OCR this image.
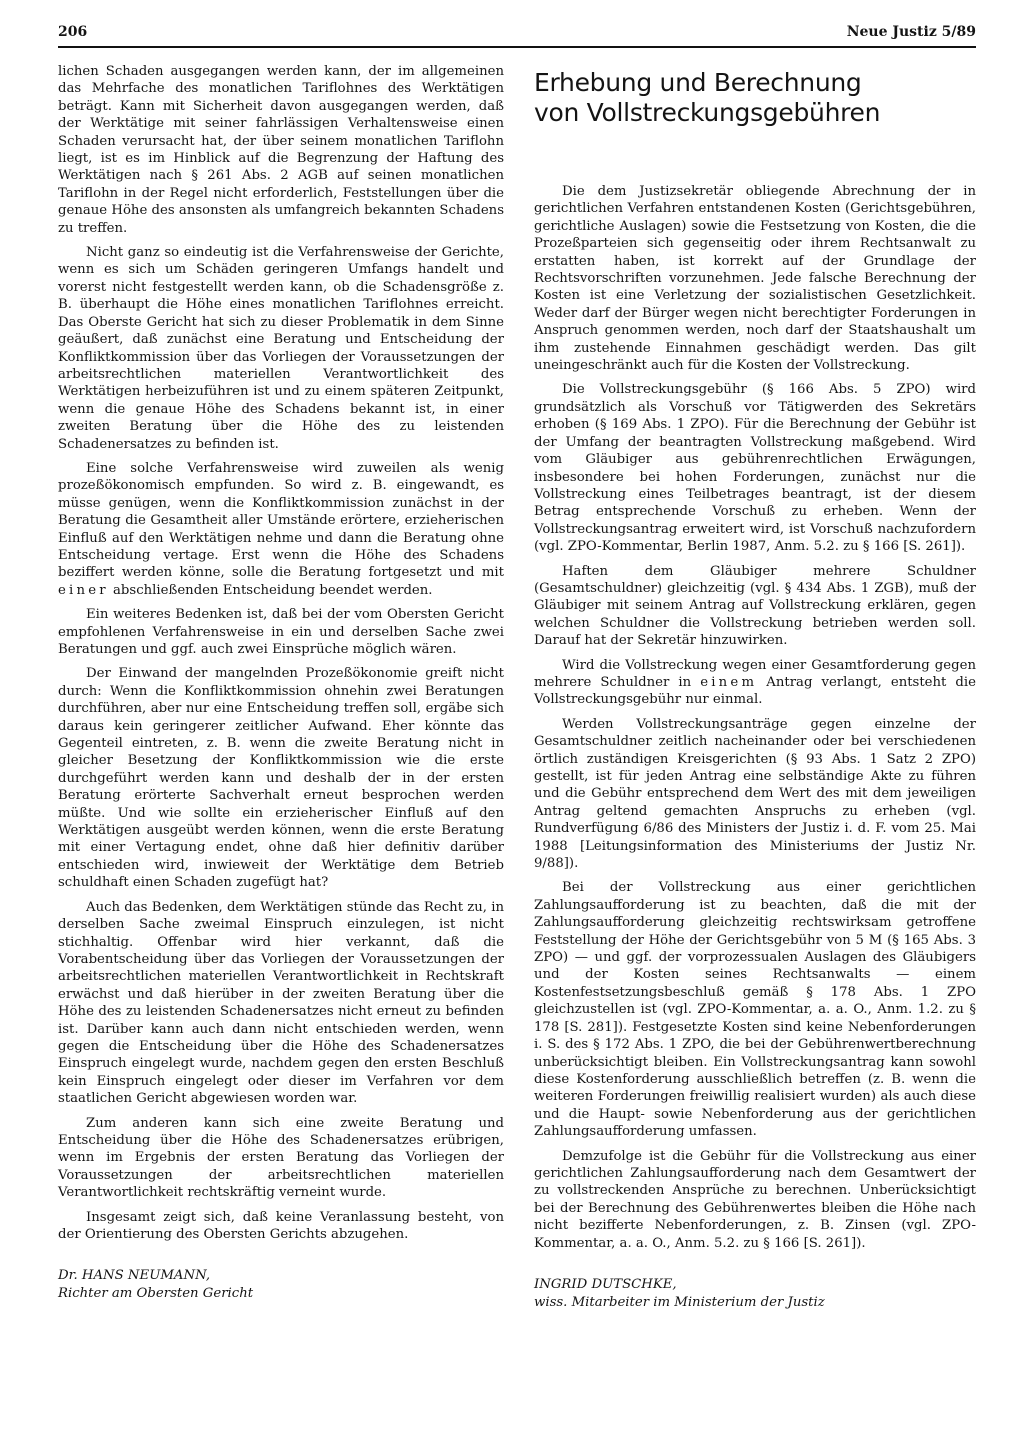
206	Neue Justiz 5/89

lichen Schaden ausgegangen werden kann, der im allgemeinen das Mehrfache des monatlichen Tariflohnes des Werktätigen beträgt. Kann mit Sicherheit davon ausgegangen werden, daß der Werktätige mit seiner fahrlässigen Verhaltensweise einen Schaden verursacht hat, der über seinem monatlichen Tariflohn liegt, ist es im Hinblick auf die Begrenzung der Haftung des Werktätigen nach § 261 Abs. 2 AGB auf seinen monatlichen Tariflohn in der Regel nicht erforderlich, Feststellungen über die genaue Höhe des ansonsten als umfangreich bekannten Schadens zu treffen.

Nicht ganz so eindeutig ist die Verfahrensweise der Gerichte, wenn es sich um Schäden geringeren Umfangs handelt und vorerst nicht festgestellt werden kann, ob die Schadensgröße z. B. überhaupt die Höhe eines monatlichen Tariflohnes erreicht. Das Oberste Gericht hat sich zu dieser Problematik in dem Sinne geäußert, daß zunächst eine Beratung und Entscheidung der Konfliktkommission über das Vorliegen der Voraussetzungen der arbeitsrechtlichen materiellen Verantwortlichkeit des Werktätigen herbeizuführen ist und zu einem späteren Zeitpunkt, wenn die genaue Höhe des Schadens bekannt ist, in einer zweiten Beratung über die Höhe des zu leistenden Schadenersatzes zu befinden ist.

Eine solche Verfahrensweise wird zuweilen als wenig prozeßökonomisch empfunden. So wird z. B. eingewandt, es müsse genügen, wenn die Konfliktkommission zunächst in der Beratung die Gesamtheit aller Umstände erörtere, erzieherischen Einfluß auf den Werktätigen nehme und dann die Beratung ohne Entscheidung vertage. Erst wenn die Höhe des Schadens beziffert werden könne, solle die Beratung fortgesetzt und mit einer abschließenden Entscheidung beendet werden.

Ein weiteres Bedenken ist, daß bei der vom Obersten Gericht empfohlenen Verfahrensweise in ein und derselben Sache zwei Beratungen und ggf. auch zwei Einsprüche möglich wären.

Der Einwand der mangelnden Prozeßökonomie greift nicht durch: Wenn die Konfliktkommission ohnehin zwei Beratungen durchführen, aber nur eine Entscheidung treffen soll, ergäbe sich daraus kein geringerer zeitlicher Aufwand. Eher könnte das Gegenteil eintreten, z. B. wenn die zweite Beratung nicht in gleicher Besetzung der Konfliktkommission wie die erste durchgeführt werden kann und deshalb der in der ersten Beratung erörterte Sachverhalt erneut besprochen werden müßte. Und wie sollte ein erzieherischer Einfluß auf den Werktätigen ausgeübt werden können, wenn die erste Beratung mit einer Vertagung endet, ohne daß hier definitiv darüber entschieden wird, inwieweit der Werktätige dem Betrieb schuldhaft einen Schaden zugefügt hat?

Auch das Bedenken, dem Werktätigen stünde das Recht zu, in derselben Sache zweimal Einspruch einzulegen, ist nicht stichhaltig. Offenbar wird hier verkannt, daß die Vorabentscheidung über das Vorliegen der Voraussetzungen der arbeitsrechtlichen materiellen Verantwortlichkeit in Rechtskraft erwächst und daß hierüber in der zweiten Beratung über die Höhe des zu leistenden Schadenersatzes nicht erneut zu befinden ist. Darüber kann auch dann nicht entschieden werden, wenn gegen die Entscheidung über die Höhe des Schadenersatzes Einspruch eingelegt wurde, nachdem gegen den ersten Beschluß kein Einspruch eingelegt oder dieser im Verfahren vor dem staatlichen Gericht abgewiesen worden war.

Zum anderen kann sich eine zweite Beratung und Entscheidung über die Höhe des Schadenersatzes erübrigen, wenn im Ergebnis der ersten Beratung das Vorliegen der Voraussetzungen der arbeitsrechtlichen materiellen Verantwortlichkeit rechtskräftig verneint wurde.

Insgesamt zeigt sich, daß keine Veranlassung besteht, von der Orientierung des Obersten Gerichts abzugehen.

Dr. HANS NEUMANN,
Richter am Obersten Gericht
Erhebung und Berechnung
von Vollstreckungsgebühren

Die dem Justizsekretär obliegende Abrechnung der in gerichtlichen Verfahren entstandenen Kosten (Gerichtsgebühren, gerichtliche Auslagen) sowie die Festsetzung von Kosten, die die Prozeßparteien sich gegenseitig oder ihrem Rechtsanwalt zu erstatten haben, ist korrekt auf der Grundlage der Rechtsvorschriften vorzunehmen. Jede falsche Berechnung der Kosten ist eine Verletzung der sozialistischen Gesetzlichkeit. Weder darf der Bürger wegen nicht berechtigter Forderungen in Anspruch genommen werden, noch darf der Staatshaushalt um ihm zustehende Einnahmen geschädigt werden. Das gilt uneingeschränkt auch für die Kosten der Vollstreckung.

Die Vollstreckungsgebühr (§ 166 Abs. 5 ZPO) wird grundsätzlich als Vorschuß vor Tätigwerden des Sekretärs erhoben (§ 169 Abs. 1 ZPO). Für die Berechnung der Gebühr ist der Umfang der beantragten Vollstreckung maßgebend. Wird vom Gläubiger aus gebührenrechtlichen Erwägungen, insbesondere bei hohen Forderungen, zunächst nur die Vollstreckung eines Teilbetrages beantragt, ist der diesem Betrag entsprechende Vorschuß zu erheben. Wenn der Vollstreckungsantrag erweitert wird, ist Vorschuß nachzufordern (vgl. ZPO-Kommentar, Berlin 1987, Anm. 5.2. zu § 166 [S. 261]).

Haften dem Gläubiger mehrere Schuldner (Gesamtschuldner) gleichzeitig (vgl. § 434 Abs. 1 ZGB), muß der Gläubiger mit seinem Antrag auf Vollstreckung erklären, gegen welchen Schuldner die Vollstreckung betrieben werden soll. Darauf hat der Sekretär hinzuwirken.

Wird die Vollstreckung wegen einer Gesamtforderung gegen mehrere Schuldner in einem Antrag verlangt, entsteht die Vollstreckungsgebühr nur einmal.

Werden Vollstreckungsanträge gegen einzelne der Gesamtschuldner zeitlich nacheinander oder bei verschiedenen örtlich zuständigen Kreisgerichten (§ 93 Abs. 1 Satz 2 ZPO) gestellt, ist für jeden Antrag eine selbständige Akte zu führen und die Gebühr entsprechend dem Wert des mit dem jeweiligen Antrag geltend gemachten Anspruchs zu erheben (vgl. Rundverfügung 6/86 des Ministers der Justiz i. d. F. vom 25. Mai 1988 [Leitungsinformation des Ministeriums der Justiz Nr. 9/88]).

Bei der Vollstreckung aus einer gerichtlichen Zahlungsaufforderung ist zu beachten, daß die mit der Zahlungsaufforderung gleichzeitig rechtswirksam getroffene Feststellung der Höhe der Gerichtsgebühr von 5 M (§ 165 Abs. 3 ZPO) — und ggf. der vorprozessualen Auslagen des Gläubigers und der Kosten seines Rechtsanwalts — einem Kostenfestsetzungsbeschluß gemäß § 178 Abs. 1 ZPO gleichzustellen ist (vgl. ZPO-Kommentar, a. a. O., Anm. 1.2. zu § 178 [S. 281]). Festgesetzte Kosten sind keine Nebenforderungen i. S. des § 172 Abs. 1 ZPO, die bei der Gebührenwertberechnung unberücksichtigt bleiben. Ein Vollstreckungsantrag kann sowohl diese Kostenforderung ausschließlich betreffen (z. B. wenn die weiteren Forderungen freiwillig realisiert wurden) als auch diese und die Haupt- sowie Nebenforderung aus der gerichtlichen Zahlungsaufforderung umfassen.

Demzufolge ist die Gebühr für die Vollstreckung aus einer gerichtlichen Zahlungsaufforderung nach dem Gesamtwert der zu vollstreckenden Ansprüche zu berechnen. Unberücksichtigt bei der Berechnung des Gebührenwertes bleiben die Höhe nach nicht bezifferte Nebenforderungen, z. B. Zinsen (vgl. ZPO-Kommentar, a. a. O., Anm. 5.2. zu § 166 [S. 261]).

INGRID DUTSCHKE,
wiss. Mitarbeiter im Ministerium der Justiz
